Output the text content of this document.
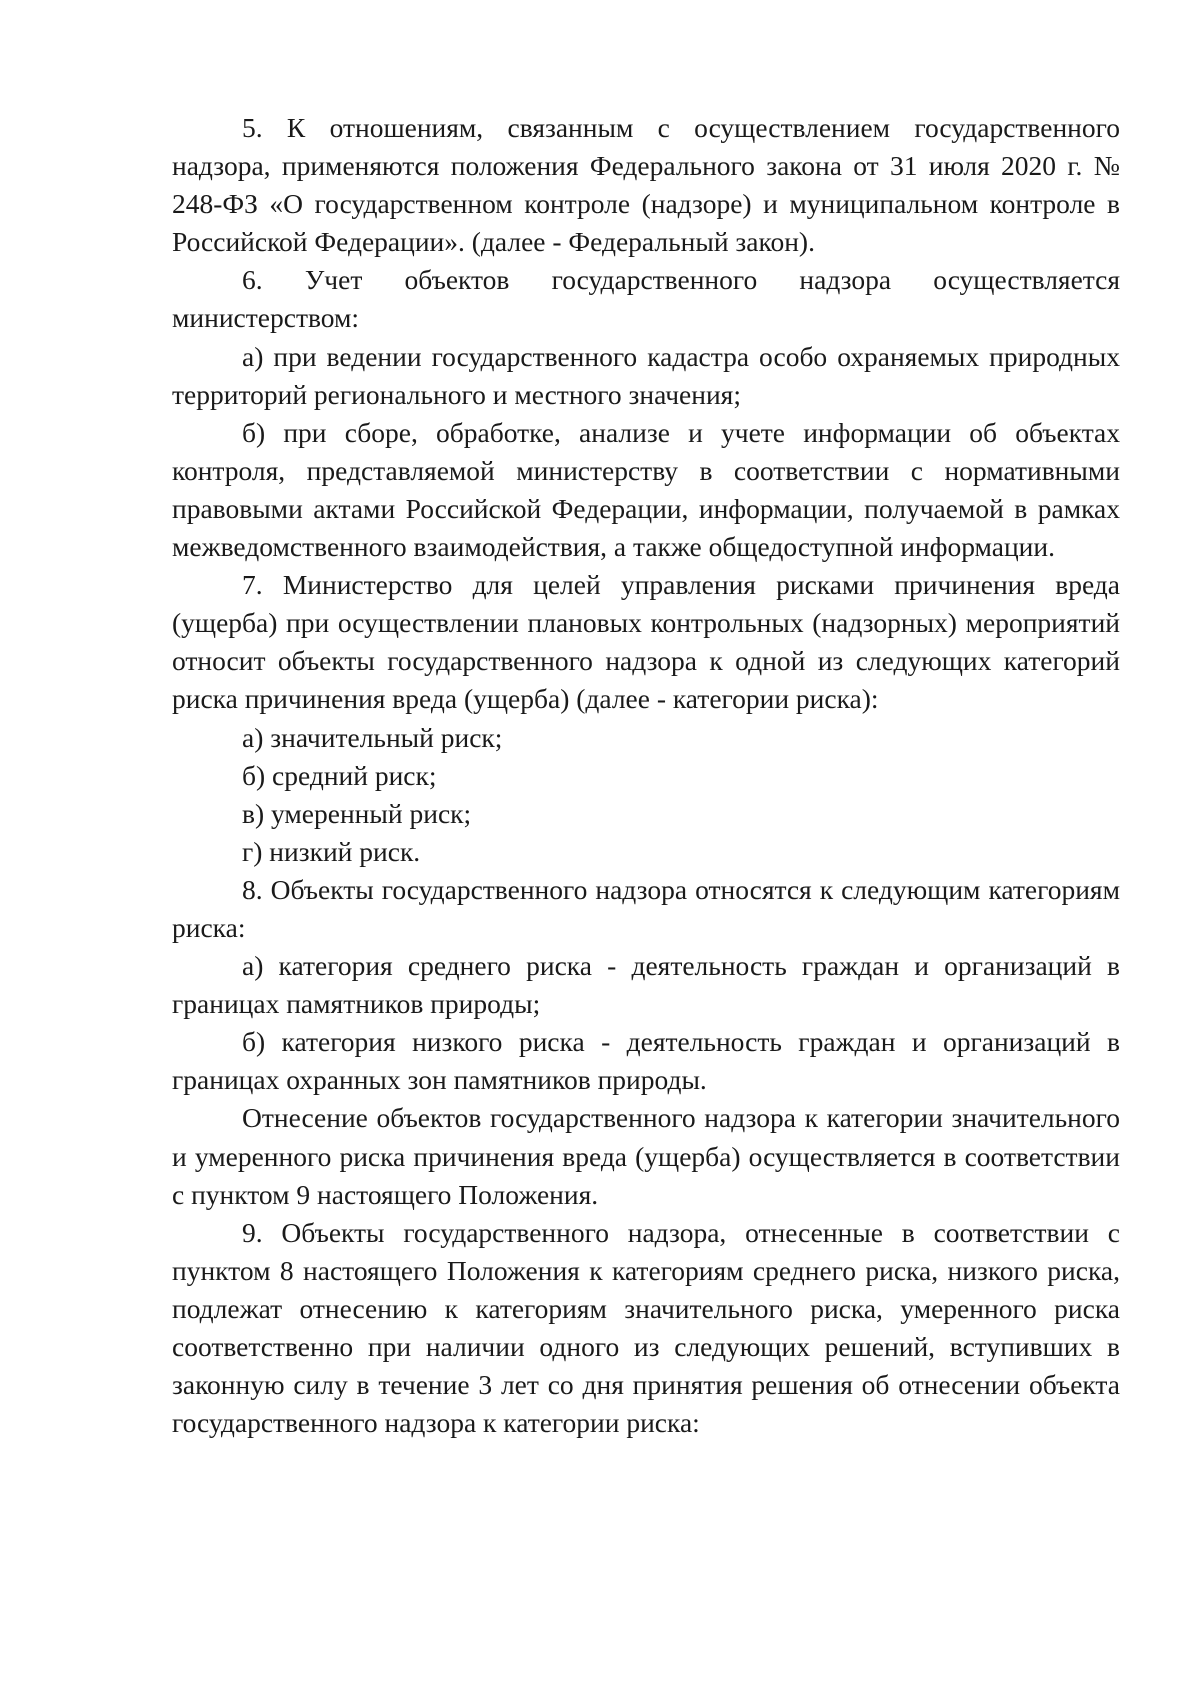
5. К отношениям, связанным с осуществлением государственного надзора, применяются положения Федерального закона от 31 июля 2020 г. № 248-ФЗ «О государственном контроле (надзоре) и муниципальном контроле в Российской Федерации». (далее - Федеральный закон).

6. Учет объектов государственного надзора осуществляется министерством:

а) при ведении государственного кадастра особо охраняемых природных территорий регионального и местного значения;

б) при сборе, обработке, анализе и учете информации об объектах контроля, представляемой министерству в соответствии с нормативными правовыми актами Российской Федерации, информации, получаемой в рамках межведомственного взаимодействия, а также общедоступной информации.

7. Министерство для целей управления рисками причинения вреда (ущерба) при осуществлении плановых контрольных (надзорных) мероприятий относит объекты государственного надзора к одной из следующих категорий риска причинения вреда (ущерба) (далее - категории риска):

а) значительный риск;

б) средний риск;

в) умеренный риск;

г) низкий риск.

8. Объекты государственного надзора относятся к следующим категориям риска:

а) категория среднего риска - деятельность граждан и организаций в границах памятников природы;

б) категория низкого риска - деятельность граждан и организаций в границах охранных зон памятников природы.

Отнесение объектов государственного надзора к категории значительного и умеренного риска причинения вреда (ущерба) осуществляется в соответствии с пунктом 9 настоящего Положения.

9. Объекты государственного надзора, отнесенные в соответствии с пунктом 8 настоящего Положения к категориям среднего риска, низкого риска, подлежат отнесению к категориям значительного риска, умеренного риска соответственно при наличии одного из следующих решений, вступивших в законную силу в течение 3 лет со дня принятия решения об отнесении объекта государственного надзора к категории риска:
